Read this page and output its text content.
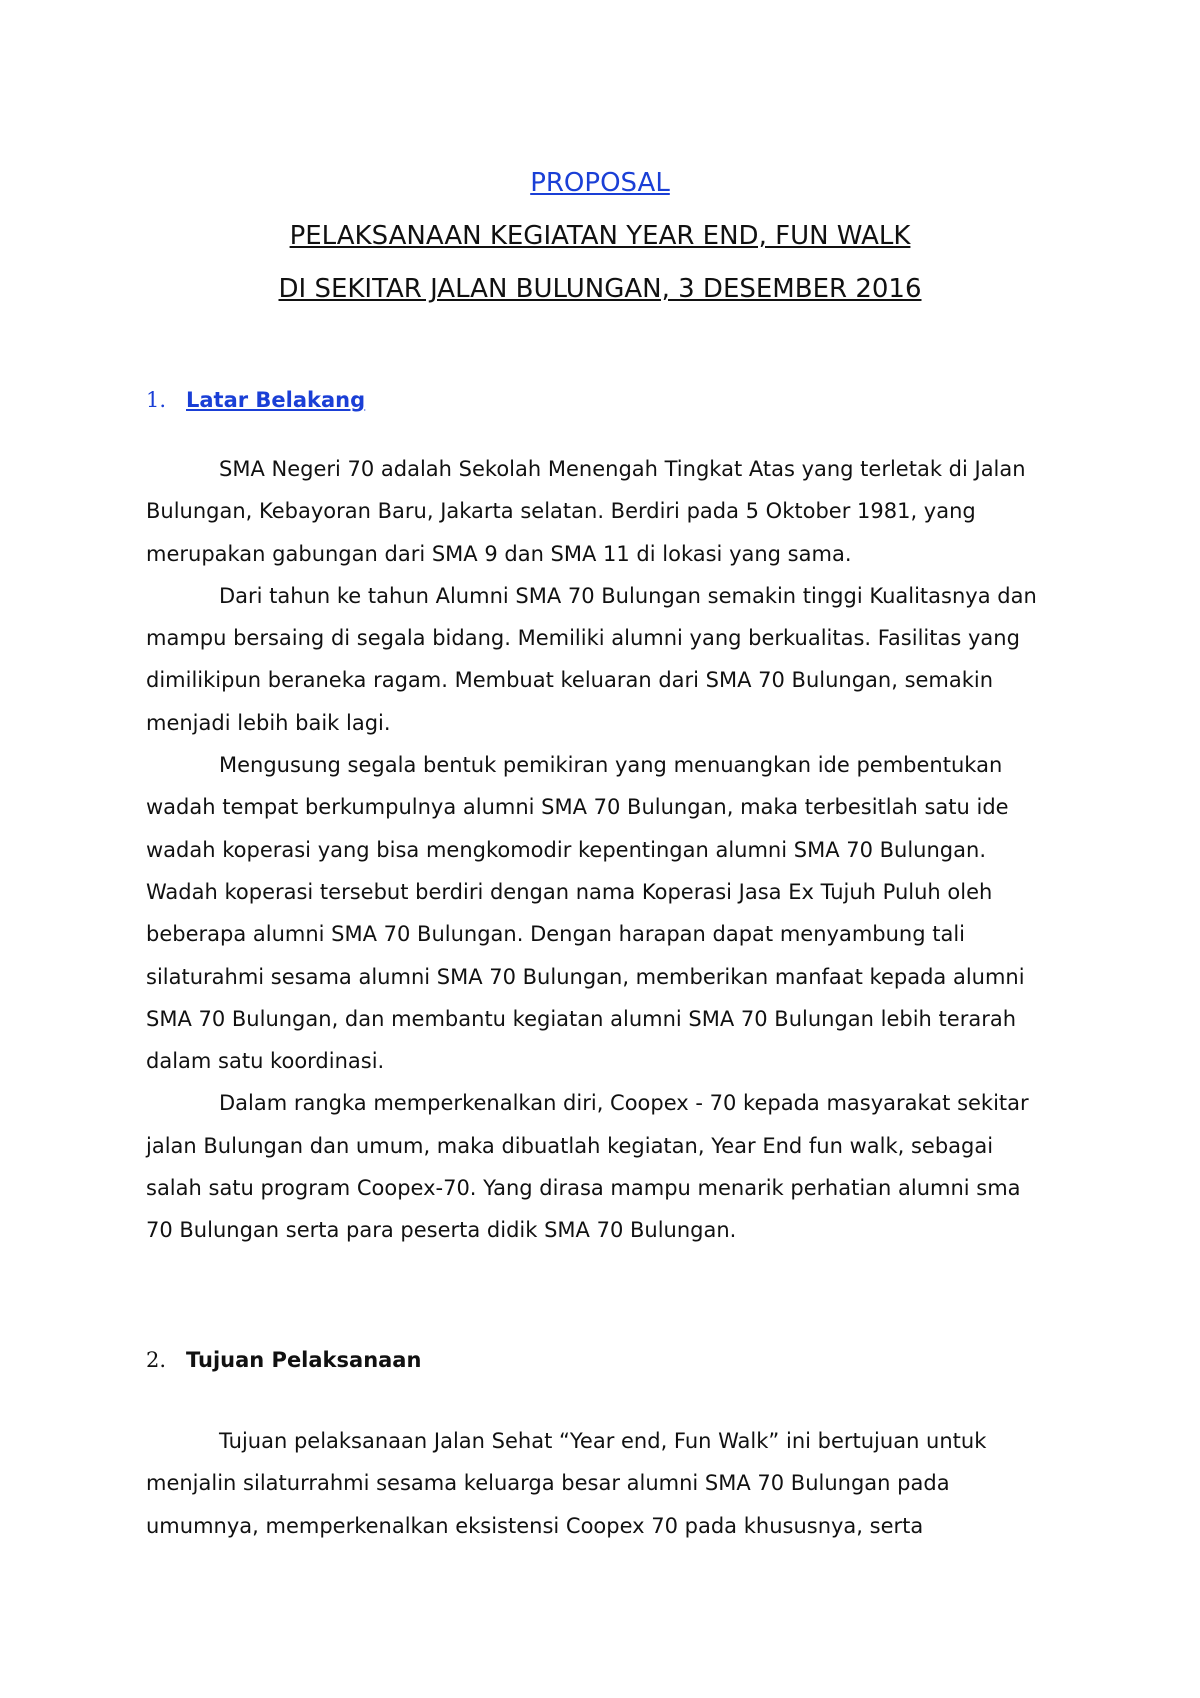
PROPOSAL
PELAKSANAAN KEGIATAN YEAR END, FUN WALK
DI SEKITAR JALAN BULUNGAN, 3 DESEMBER 2016
1. Latar Belakang

SMA Negeri 70 adalah Sekolah Menengah Tingkat Atas yang terletak di Jalan
Bulungan, Kebayoran Baru, Jakarta selatan. Berdiri pada 5 Oktober 1981, yang
merupakan gabungan dari SMA 9 dan SMA 11 di lokasi yang sama.

Dari tahun ke tahun Alumni SMA 70 Bulungan semakin tinggi Kualitasnya dan
mampu bersaing di segala bidang. Memiliki alumni yang berkualitas. Fasilitas yang
dimilikipun beraneka ragam. Membuat keluaran dari SMA 70 Bulungan, semakin
menjadi lebih baik lagi.

Mengusung segala bentuk pemikiran yang menuangkan ide pembentukan
wadah tempat berkumpulnya alumni SMA 70 Bulungan, maka terbesitlah satu ide
wadah koperasi yang bisa mengkomodir kepentingan alumni SMA 70 Bulungan.
Wadah koperasi tersebut berdiri dengan nama Koperasi Jasa Ex Tujuh Puluh oleh
beberapa alumni SMA 70 Bulungan. Dengan harapan dapat menyambung tali
silaturahmi sesama alumni SMA 70 Bulungan, memberikan manfaat kepada alumni
SMA 70 Bulungan, dan membantu kegiatan alumni SMA 70 Bulungan lebih terarah
dalam satu koordinasi.

Dalam rangka memperkenalkan diri, Coopex - 70 kepada masyarakat sekitar
jalan Bulungan dan umum, maka dibuatlah kegiatan, Year End fun walk, sebagai
salah satu program Coopex-70. Yang dirasa mampu menarik perhatian alumni sma
70 Bulungan serta para peserta didik SMA 70 Bulungan.

2. Tujuan Pelaksanaan

Tujuan pelaksanaan Jalan Sehat “Year end, Fun Walk” ini bertujuan untuk
menjalin silaturrahmi sesama keluarga besar alumni SMA 70 Bulungan pada
umumnya, memperkenalkan eksistensi Coopex 70 pada khususnya, serta
